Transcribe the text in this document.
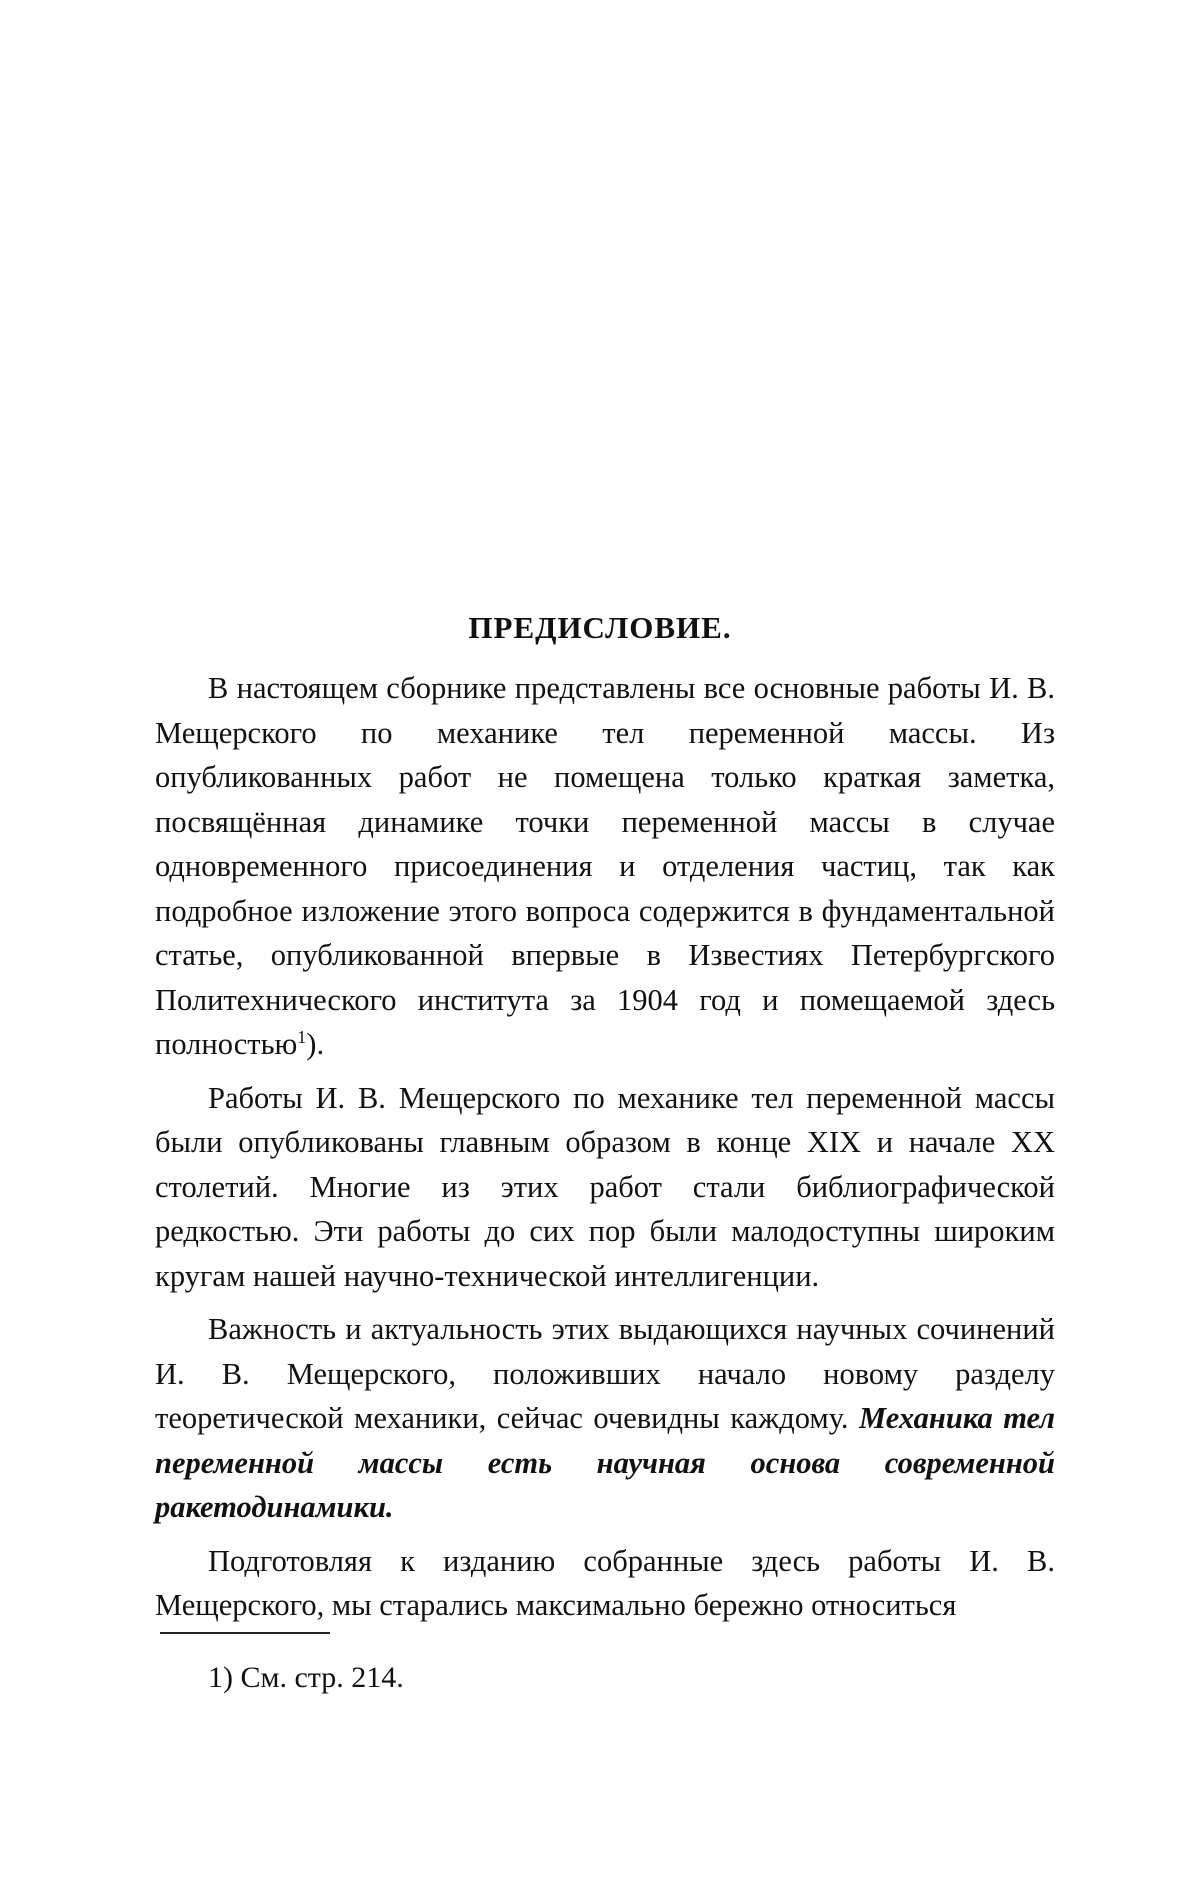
ПРЕДИСЛОВИЕ.

В настоящем сборнике представлены все основные работы И. В. Мещерского по механике тел переменной массы. Из опубликованных работ не помещена только краткая заметка, посвящённая динамике точки переменной массы в случае одновременного присоединения и отделения частиц, так как подробное изложение этого вопроса содержится в фундаментальной статье, опубликованной впервые в Известиях Петербургского Политехнического института за 1904 год и помещаемой здесь полностью$^1$).

Работы И. В. Мещерского по механике тел переменной массы были опубликованы главным образом в конце XIX и начале XX столетий. Многие из этих работ стали библиографической редкостью. Эти работы до сих пор были малодоступны широким кругам нашей научно-технической интеллигенции.

Важность и актуальность этих выдающихся научных сочинений И. В. Мещерского, положивших начало новому разделу теоретической механики, сейчас очевидны каждому. Механика тел переменной массы есть научная основа современной ракетодинамики.

Подготовляя к изданию собранные здесь работы И. В. Мещерского, мы старались максимально бережно относиться

1) См. стр. 214.
